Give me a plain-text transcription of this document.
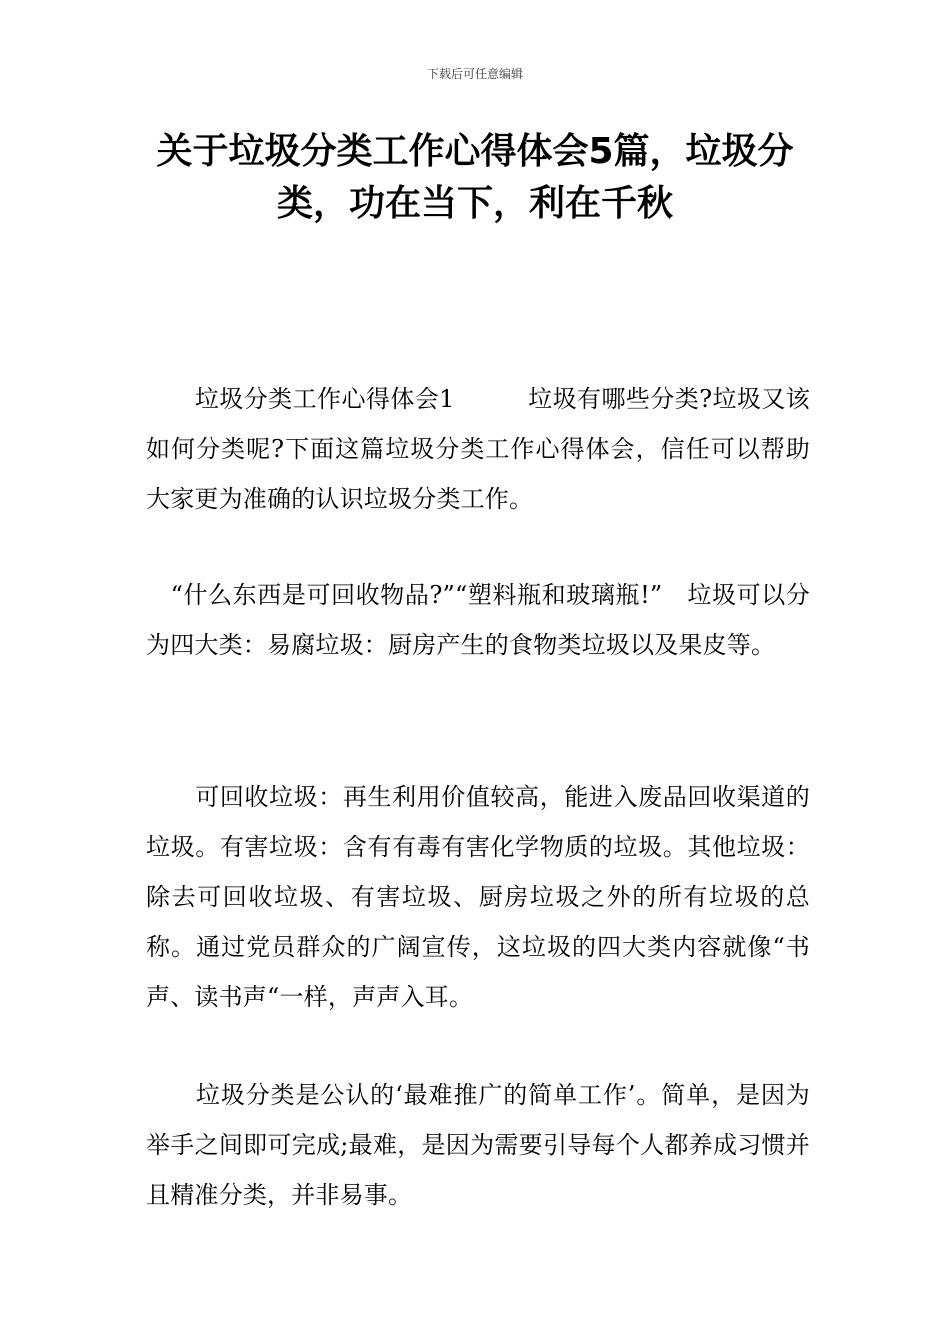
下载后可任意编辑
关于垃圾分类工作心得体会5篇，垃圾分类，功在当下，利在千秋

　　垃圾分类工作心得体会1　　　垃圾有哪些分类?垃圾又该如何分类呢?下面这篇垃圾分类工作心得体会，信任可以帮助大家更为准确的认识垃圾分类工作。

　“什么东西是可回收物品?”“塑料瓶和玻璃瓶!”　垃圾可以分为四大类：易腐垃圾：厨房产生的食物类垃圾以及果皮等。

　　可回收垃圾：再生利用价值较高，能进入废品回收渠道的垃圾。有害垃圾：含有有毒有害化学物质的垃圾。其他垃圾：除去可回收垃圾、有害垃圾、厨房垃圾之外的所有垃圾的总称。通过党员群众的广阔宣传，这垃圾的四大类内容就像“书声、读书声“一样，声声入耳。

　　垃圾分类是公认的‘最难推广的简单工作’。简单，是因为举手之间即可完成;最难，是因为需要引导每个人都养成习惯并且精准分类，并非易事。
